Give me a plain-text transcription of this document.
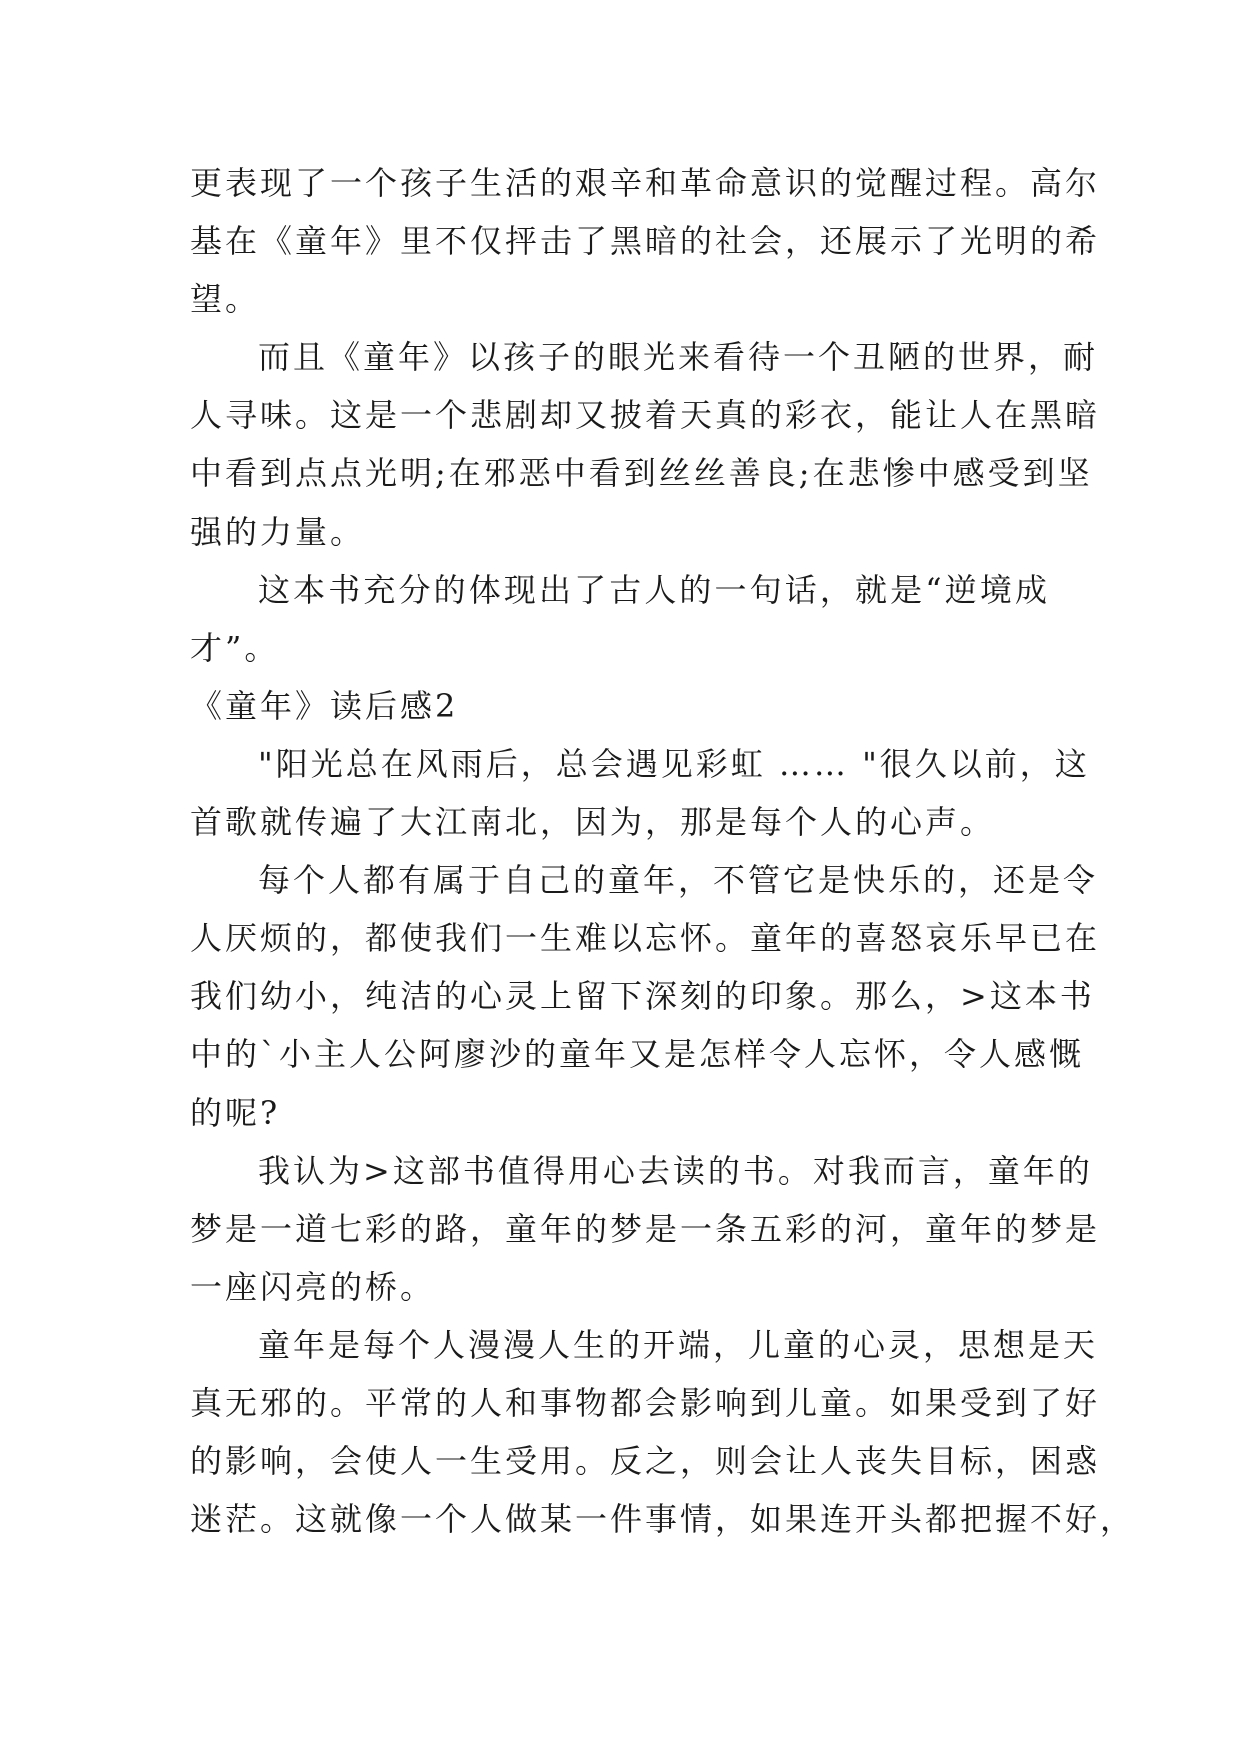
更表现了一个孩子生活的艰辛和革命意识的觉醒过程。高尔
基在《童年》里不仅抨击了黑暗的社会，还展示了光明的希
望。
而且《童年》以孩子的眼光来看待一个丑陋的世界，耐
人寻味。这是一个悲剧却又披着天真的彩衣，能让人在黑暗
中看到点点光明;在邪恶中看到丝丝善良;在悲惨中感受到坚
强的力量。
这本书充分的体现出了古人的一句话，就是“逆境成
才”。
《童年》读后感2
"阳光总在风雨后，总会遇见彩虹 …… "很久以前，这
首歌就传遍了大江南北，因为，那是每个人的心声。
每个人都有属于自己的童年，不管它是快乐的，还是令
人厌烦的，都使我们一生难以忘怀。童年的喜怒哀乐早已在
我们幼小，纯洁的心灵上留下深刻的印象。那么，>这本书
中的`小主人公阿廖沙的童年又是怎样令人忘怀，令人感慨
的呢?
我认为>这部书值得用心去读的书。对我而言，童年的
梦是一道七彩的路，童年的梦是一条五彩的河，童年的梦是
一座闪亮的桥。
童年是每个人漫漫人生的开端，儿童的心灵，思想是天
真无邪的。平常的人和事物都会影响到儿童。如果受到了好
的影响，会使人一生受用。反之，则会让人丧失目标，困惑
迷茫。这就像一个人做某一件事情，如果连开头都把握不好，
